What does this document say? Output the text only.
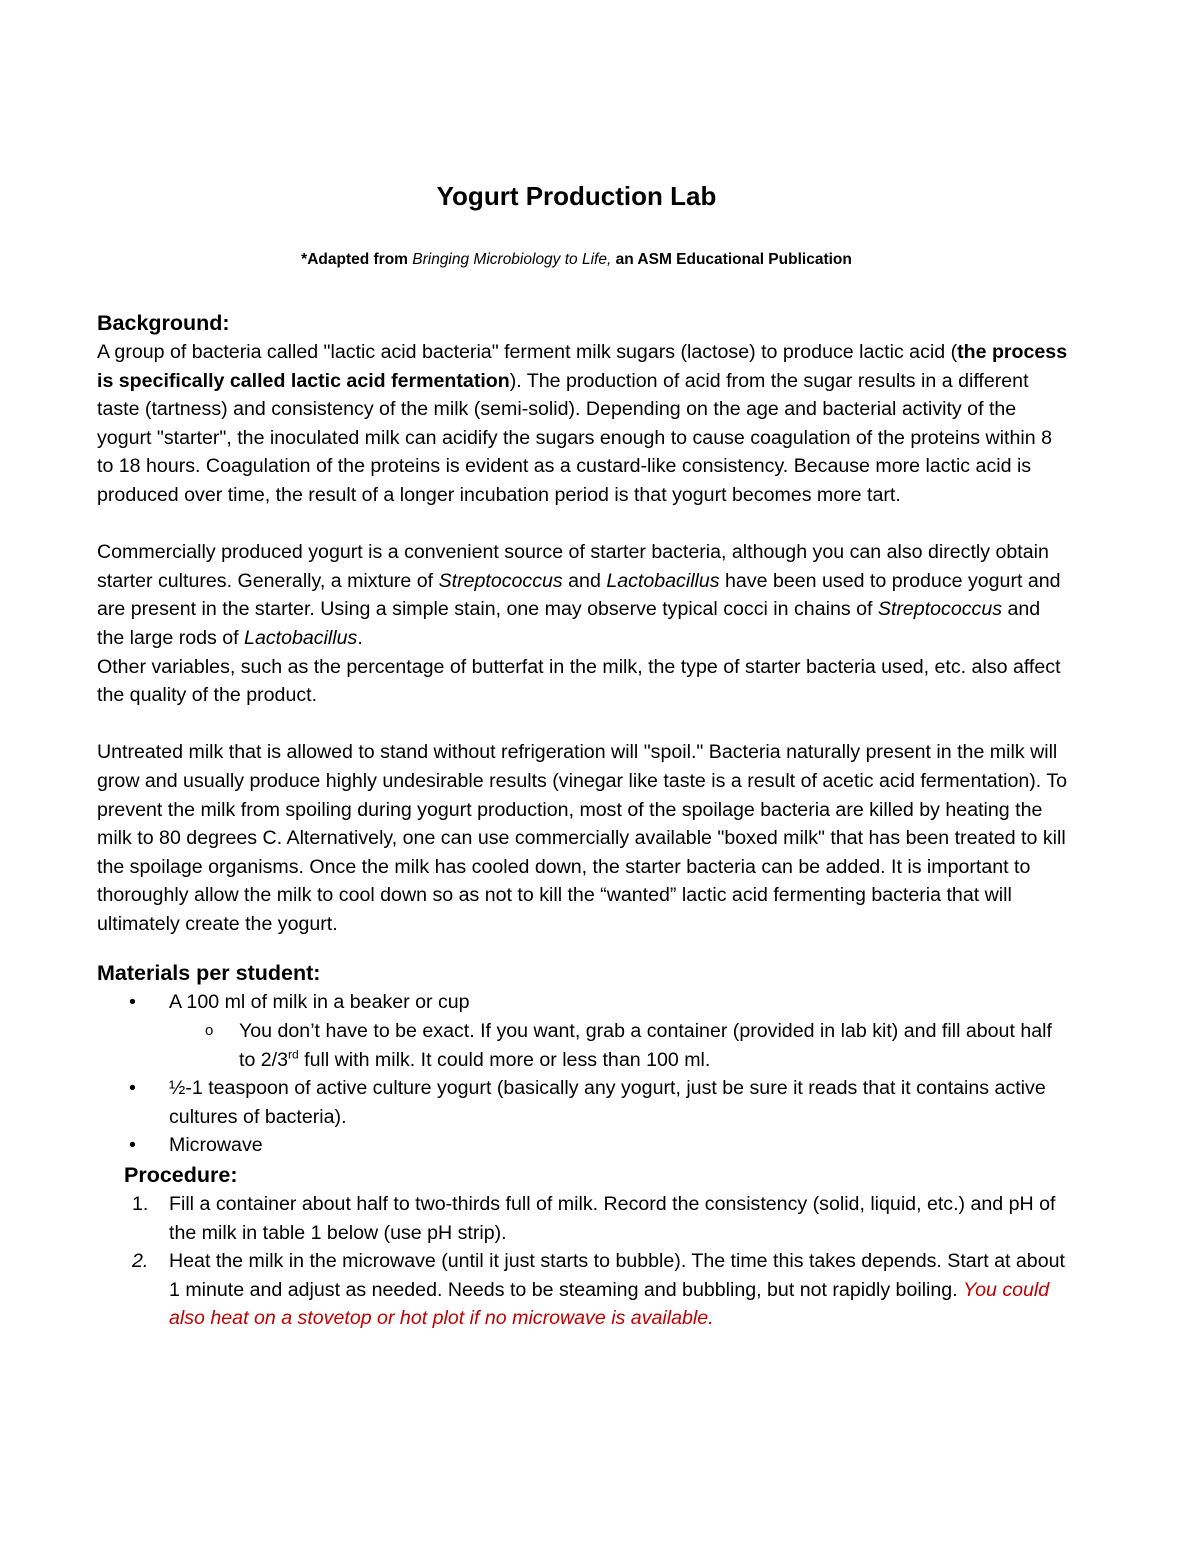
Yogurt Production Lab
*Adapted from Bringing Microbiology to Life, an ASM Educational Publication
Background:

A group of bacteria called "lactic acid bacteria" ferment milk sugars (lactose) to produce lactic acid (the process is specifically called lactic acid fermentation). The production of acid from the sugar results in a different taste (tartness) and consistency of the milk (semi-solid). Depending on the age and bacterial activity of the yogurt "starter", the inoculated milk can acidify the sugars enough to cause coagulation of the proteins within 8 to 18 hours. Coagulation of the proteins is evident as a custard-like consistency. Because more lactic acid is produced over time, the result of a longer incubation period is that yogurt becomes more tart.

Commercially produced yogurt is a convenient source of starter bacteria, although you can also directly obtain starter cultures. Generally, a mixture of Streptococcus and Lactobacillus have been used to produce yogurt and are present in the starter. Using a simple stain, one may observe typical cocci in chains of Streptococcus and the large rods of Lactobacillus.

Other variables, such as the percentage of butterfat in the milk, the type of starter bacteria used, etc. also affect the quality of the product.

Untreated milk that is allowed to stand without refrigeration will "spoil." Bacteria naturally present in the milk will grow and usually produce highly undesirable results (vinegar like taste is a result of acetic acid fermentation). To prevent the milk from spoiling during yogurt production, most of the spoilage bacteria are killed by heating the milk to 80 degrees C. Alternatively, one can use commercially available "boxed milk" that has been treated to kill the spoilage organisms. Once the milk has cooled down, the starter bacteria can be added. It is important to thoroughly allow the milk to cool down so as not to kill the “wanted” lactic acid fermenting bacteria that will ultimately create the yogurt.

Materials per student:
• A 100 ml of milk in a beaker or cup
o You don’t have to be exact. If you want, grab a container (provided in lab kit) and fill about half to 2/3rd full with milk. It could more or less than 100 ml.
• ½-1 teaspoon of active culture yogurt (basically any yogurt, just be sure it reads that it contains active cultures of bacteria).
• Microwave
Procedure:
1. Fill a container about half to two-thirds full of milk. Record the consistency (solid, liquid, etc.) and pH of the milk in table 1 below (use pH strip).
2. Heat the milk in the microwave (until it just starts to bubble). The time this takes depends. Start at about 1 minute and adjust as needed. Needs to be steaming and bubbling, but not rapidly boiling. You could also heat on a stovetop or hot plot if no microwave is available.
